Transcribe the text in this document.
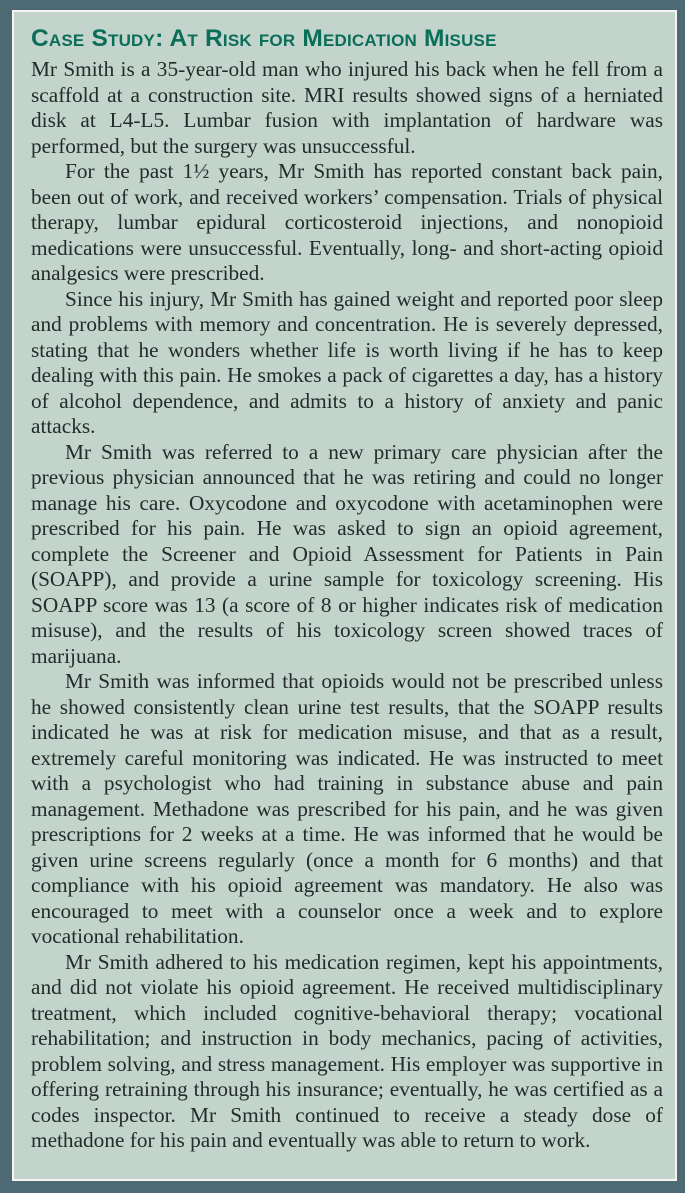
Case Study: At Risk for Medication Misuse

Mr Smith is a 35-year-old man who injured his back when he fell from a scaffold at a construction site. MRI results showed signs of a herniated disk at L4-L5. Lumbar fusion with implantation of hardware was performed, but the surgery was unsuccessful.

For the past 1½ years, Mr Smith has reported constant back pain, been out of work, and received workers’ compensation. Trials of physical therapy, lumbar epidural corticosteroid injections, and nonopioid medications were unsuccessful. Eventually, long- and short-acting opioid analgesics were prescribed.

Since his injury, Mr Smith has gained weight and reported poor sleep and problems with memory and concentration. He is severely depressed, stating that he wonders whether life is worth living if he has to keep dealing with this pain. He smokes a pack of cigarettes a day, has a history of alcohol dependence, and admits to a history of anxiety and panic attacks.

Mr Smith was referred to a new primary care physician after the previous physician announced that he was retiring and could no longer manage his care. Oxycodone and oxycodone with acetaminophen were prescribed for his pain. He was asked to sign an opioid agreement, complete the Screener and Opioid Assessment for Patients in Pain (SOAPP), and provide a urine sample for toxicology screening. His SOAPP score was 13 (a score of 8 or higher indicates risk of medication misuse), and the results of his toxicology screen showed traces of marijuana.

Mr Smith was informed that opioids would not be prescribed unless he showed consistently clean urine test results, that the SOAPP results indicated he was at risk for medication misuse, and that as a result, extremely careful monitoring was indicated. He was instructed to meet with a psychologist who had training in substance abuse and pain management. Methadone was prescribed for his pain, and he was given prescriptions for 2 weeks at a time. He was informed that he would be given urine screens regularly (once a month for 6 months) and that compliance with his opioid agreement was mandatory. He also was encouraged to meet with a counselor once a week and to explore vocational rehabilitation.

Mr Smith adhered to his medication regimen, kept his appointments, and did not violate his opioid agreement. He received multidisciplinary treatment, which included cognitive-behavioral therapy; vocational rehabilitation; and instruction in body mechanics, pacing of activities, problem solving, and stress management. His employer was supportive in offering retraining through his insurance; eventually, he was certified as a codes inspector. Mr Smith continued to receive a steady dose of methadone for his pain and eventually was able to return to work.
